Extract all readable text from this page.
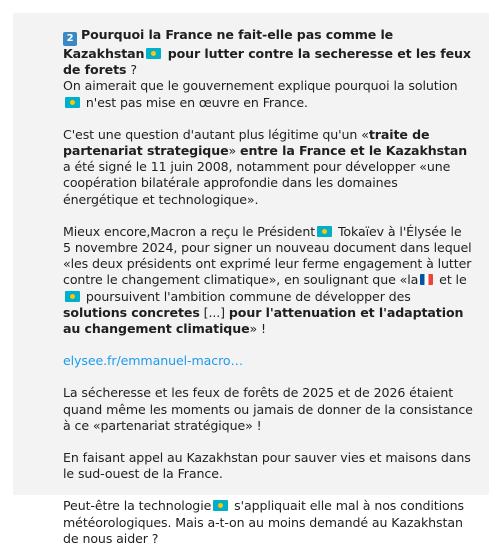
2 Pourquoi la France ne fait-elle pas comme le Kazakhstan pour lutter contre la secheresse et les feux de forets ?
On aimerait que le gouvernement explique pourquoi la solution n'est pas mise en œuvre en France.

C'est une question d'autant plus légitime qu'un «traite de partenariat strategique» entre la France et le Kazakhstan a été signé le 11 juin 2008, notamment pour développer «une coopération bilatérale approfondie dans les domaines énergétique et technologique».

Mieux encore,Macron a reçu le Président Tokaïev à l'Élysée le 5 novembre 2024, pour signer un nouveau document dans lequel «les deux présidents ont exprimé leur ferme engagement à lutter contre le changement climatique», en soulignant que «la et le  poursuivent l'ambition commune de développer des solutions concretes [...] pour l'attenuation et l'adaptation au changement climatique» !

elysee.fr/emmanuel-macro…

La sécheresse et les feux de forêts de 2025 et de 2026 étaient quand même les moments ou jamais de donner de la consistance à ce «partenariat stratégique» !

En faisant appel au Kazakhstan pour sauver vies et maisons dans le sud-ouest de la France.

Peut-être la technologie s'appliquait elle mal à nos conditions météorologiques. Mais a-t-on au moins demandé au Kazakhstan de nous aider ?
